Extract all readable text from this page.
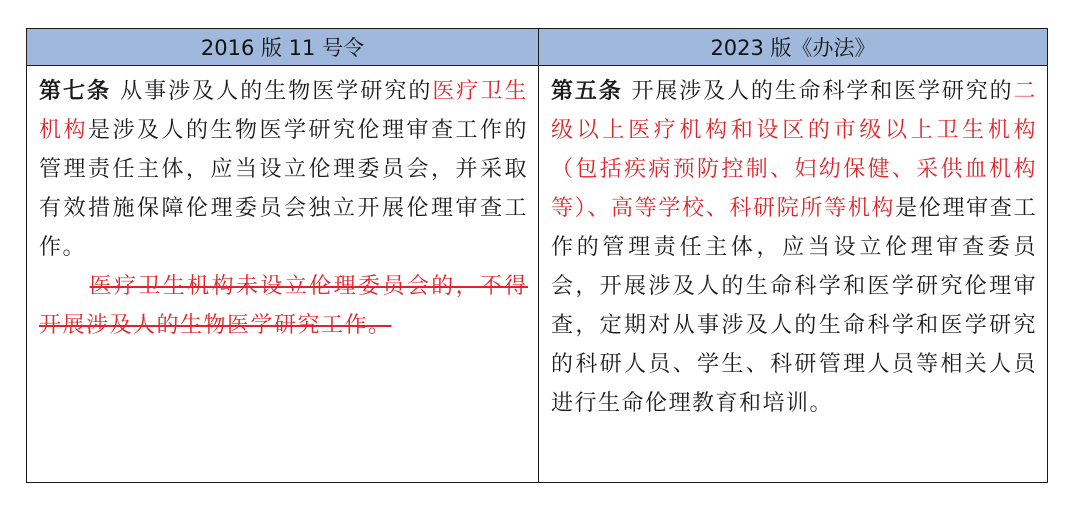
2016 版 11 号令	2023 版《办法》

第七条 从事涉及人的生物医学研究的医疗卫生机构是涉及人的生物医学研究伦理审查工作的管理责任主体，应当设立伦理委员会，并采取有效措施保障伦理委员会独立开展伦理审查工作。

医疗卫生机构未设立伦理委员会的，不得开展涉及人的生物医学研究工作。	第五条 开展涉及人的生命科学和医学研究的二级以上医疗机构和设区的市级以上卫生机构（包括疾病预防控制、妇幼保健、采供血机构等）、高等学校、科研院所等机构是伦理审查工作的管理责任主体，应当设立伦理审查委员会，开展涉及人的生命科学和医学研究伦理审查，定期对从事涉及人的生命科学和医学研究的科研人员、学生、科研管理人员等相关人员进行生命伦理教育和培训。
